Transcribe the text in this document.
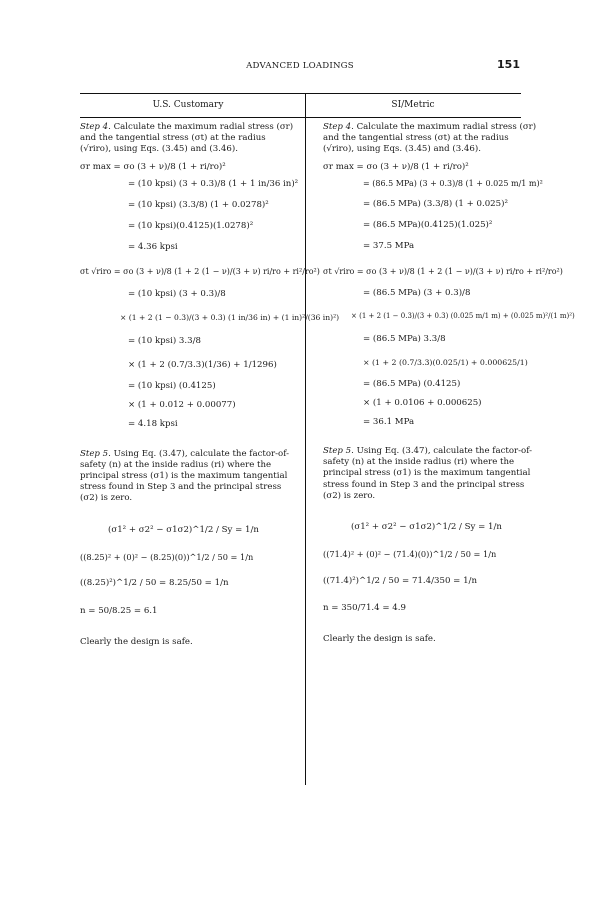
ADVANCED LOADINGS	151
U.S. Customary	SI/Metric

Step 4. Calculate the maximum radial stress (σr) and the tangential stress (σt) at the radius (√rirо), using Eqs. (3.45) and (3.46).

σr max = σo (3 + ν)/8 (1 + ri/ro)²
= (10 kpsi) (3 + 0.3)/8 (1 + 1 in/36 in)²
= (10 kpsi) (3.3/8) (1 + 0.0278)²
= (10 kpsi)(0.4125)(1.0278)²
= 4.36 kpsi
σt √riro = σo (3 + ν)/8 (1 + 2 (1 − ν)/(3 + ν) ri/ro + ri²/ro²)
= (10 kpsi) (3 + 0.3)/8
× (1 + 2 (1 − 0.3)/(3 + 0.3) (1 in/36 in) + (1 in)²/(36 in)²)
= (10 kpsi) 3.3/8
× (1 + 2 (0.7/3.3)(1/36) + 1/1296)
= (10 kpsi) (0.4125)
× (1 + 0.012 + 0.00077)
= 4.18 kpsi

Step 5. Using Eq. (3.47), calculate the factor-of-safety (n) at the inside radius (ri) where the principal stress (σ1) is the maximum tangential stress found in Step 3 and the principal stress (σ2) is zero.

(σ1² + σ2² − σ1σ2)^1/2 / Sy = 1/n
((8.25)² + (0)² − (8.25)(0))^1/2 / 50 = 1/n
((8.25)²)^1/2 / 50 = 8.25/50 = 1/n
n = 50/8.25 = 6.1

Clearly the design is safe.

Step 4. Calculate the maximum radial stress (σr) and the tangential stress (σt) at the radius (√rirо), using Eqs. (3.45) and (3.46).

σr max = σo (3 + ν)/8 (1 + ri/ro)²
= (86.5 MPa) (3 + 0.3)/8 (1 + 0.025 m/1 m)²
= (86.5 MPa) (3.3/8) (1 + 0.025)²
= (86.5 MPa)(0.4125)(1.025)²
= 37.5 MPa
σt √riro = σo (3 + ν)/8 (1 + 2 (1 − ν)/(3 + ν) ri/ro + ri²/ro²)
= (86.5 MPa) (3 + 0.3)/8
× (1 + 2 (1 − 0.3)/(3 + 0.3) (0.025 m/1 m) + (0.025 m)²/(1 m)²)
= (86.5 MPa) 3.3/8
× (1 + 2 (0.7/3.3)(0.025/1) + 0.000625/1)
= (86.5 MPa) (0.4125)
× (1 + 0.0106 + 0.000625)
= 36.1 MPa

Step 5. Using Eq. (3.47), calculate the factor-of-safety (n) at the inside radius (ri) where the principal stress (σ1) is the maximum tangential stress found in Step 3 and the principal stress (σ2) is zero.

(σ1² + σ2² − σ1σ2)^1/2 / Sy = 1/n
((71.4)² + (0)² − (71.4)(0))^1/2 / 50 = 1/n
((71.4)²)^1/2 / 50 = 71.4/350 = 1/n
n = 350/71.4 = 4.9

Clearly the design is safe.
